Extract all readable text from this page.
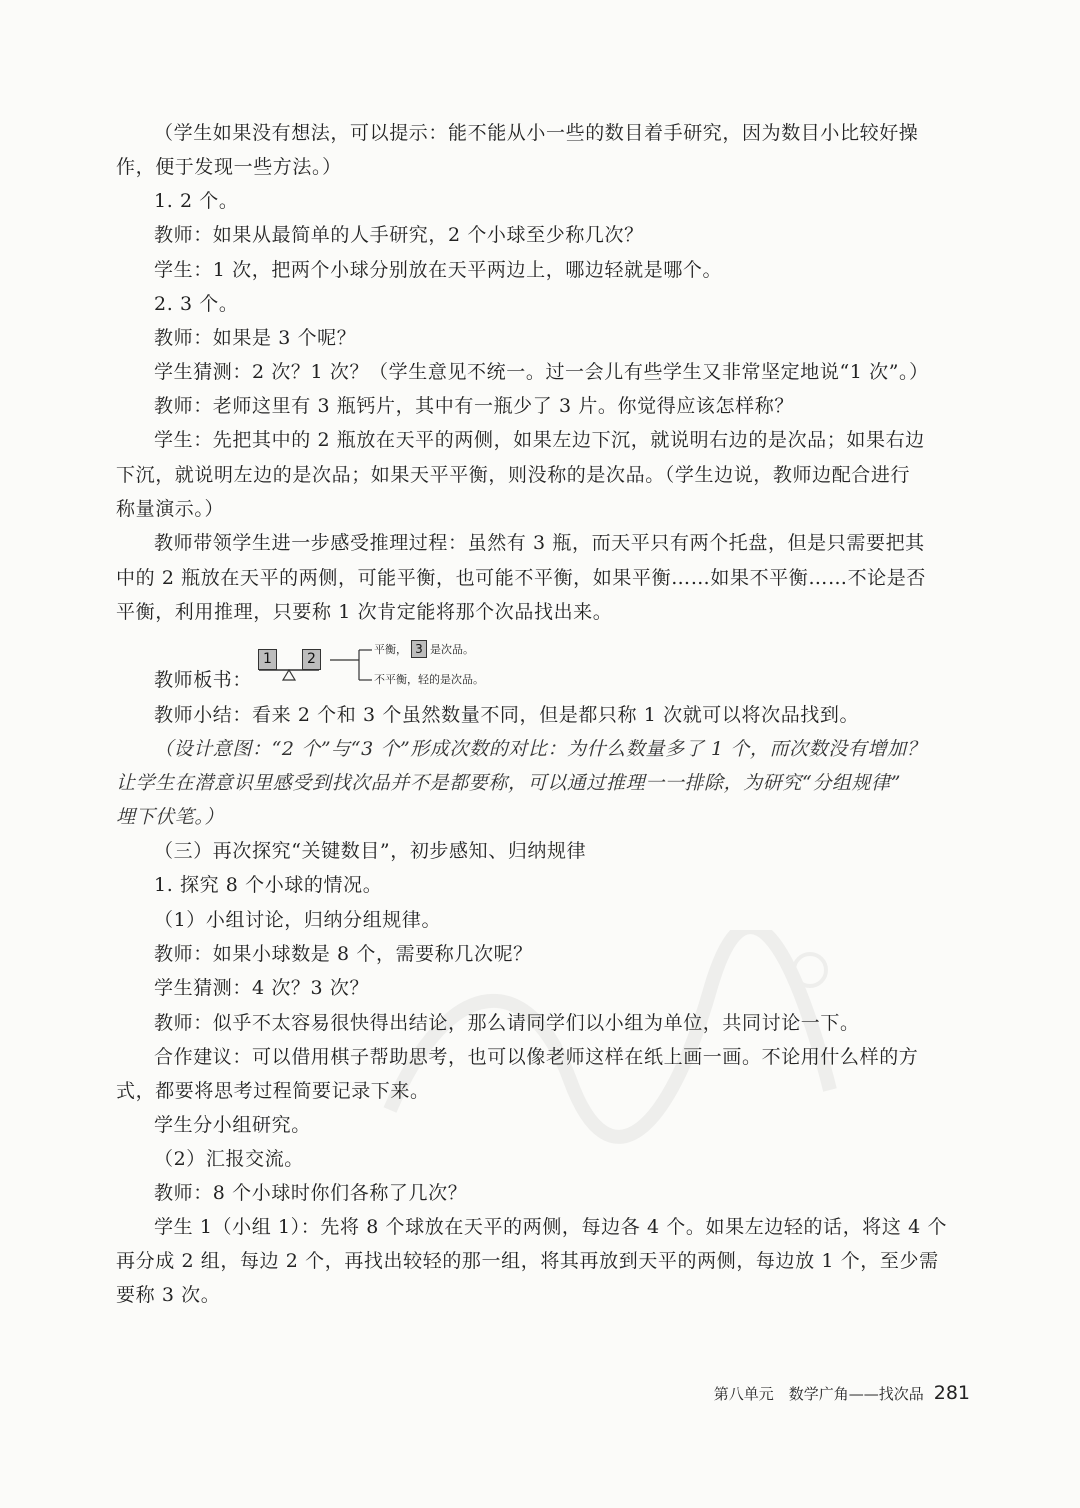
（学生如果没有想法，可以提示：能不能从小一些的数目着手研究，因为数目小比较好操
作，便于发现一些方法。）
1. 2 个。
教师：如果从最简单的人手研究，2 个小球至少称几次？
学生：1 次，把两个小球分别放在天平两边上，哪边轻就是哪个。
2. 3 个。
教师：如果是 3 个呢？
学生猜测：2 次？1 次？（学生意见不统一。过一会儿有些学生又非常坚定地说“1 次”。）
教师：老师这里有 3 瓶钙片，其中有一瓶少了 3 片。你觉得应该怎样称？
学生：先把其中的 2 瓶放在天平的两侧，如果左边下沉，就说明右边的是次品；如果右边
下沉，就说明左边的是次品；如果天平平衡，则没称的是次品。（学生边说，教师边配合进行
称量演示。）
教师带领学生进一步感受推理过程：虽然有 3 瓶，而天平只有两个托盘，但是只需要把其
中的 2 瓶放在天平的两侧，可能平衡，也可能不平衡，如果平衡……如果不平衡……不论是否
平衡，利用推理，只要称 1 次肯定能将那个次品找出来。
教师板书：
1	2
平衡， 3 是次品。
不平衡，轻的是次品。
教师小结：看来 2 个和 3 个虽然数量不同，但是都只称 1 次就可以将次品找到。
（设计意图：“2 个”与“3 个”形成次数的对比：为什么数量多了 1 个，而次数没有增加？
让学生在潜意识里感受到找次品并不是都要称，可以通过推理一一排除，为研究“分组规律”
埋下伏笔。）
（三）再次探究“关键数目”，初步感知、归纳规律
1. 探究 8 个小球的情况。
（1）小组讨论，归纳分组规律。
教师：如果小球数是 8 个，需要称几次呢？
学生猜测：4 次？3 次？
教师：似乎不太容易很快得出结论，那么请同学们以小组为单位，共同讨论一下。
合作建议：可以借用棋子帮助思考，也可以像老师这样在纸上画一画。不论用什么样的方
式，都要将思考过程简要记录下来。
学生分小组研究。
（2）汇报交流。
教师：8 个小球时你们各称了几次？
学生 1（小组 1）：先将 8 个球放在天平的两侧，每边各 4 个。如果左边轻的话，将这 4 个
再分成 2 组，每边 2 个，再找出较轻的那一组，将其再放到天平的两侧，每边放 1 个，至少需
要称 3 次。
第八单元　数学广角——找次品 281
